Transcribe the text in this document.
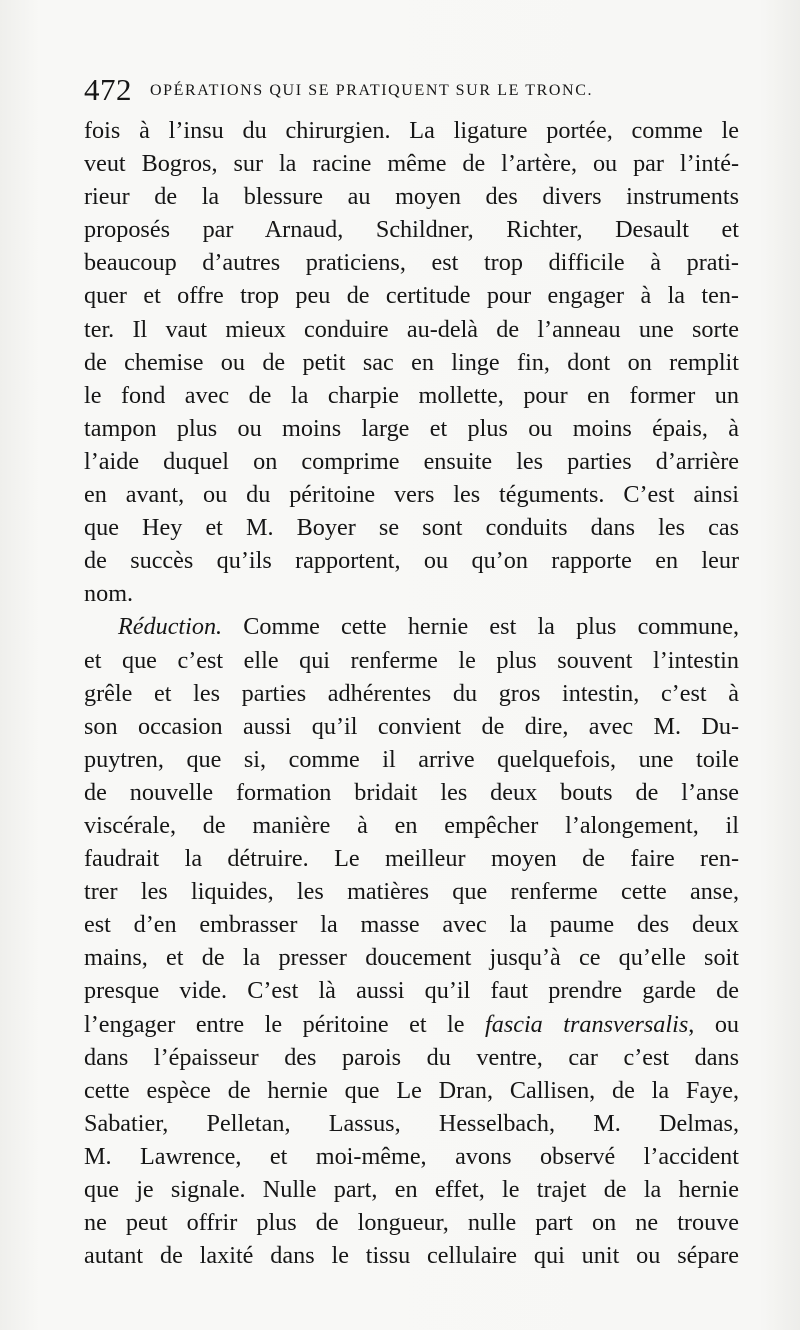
472 OPÉRATIONS QUI SE PRATIQUENT SUR LE TRONC.
fois à l’insu du chirurgien. La ligature portée, comme le
veut Bogros, sur la racine même de l’artère, ou par l’inté-
rieur de la blessure au moyen des divers instruments
proposés par Arnaud, Schildner, Richter, Desault et
beaucoup d’autres praticiens, est trop difficile à prati-
quer et offre trop peu de certitude pour engager à la ten-
ter. Il vaut mieux conduire au-delà de l’anneau une sorte
de chemise ou de petit sac en linge fin, dont on remplit
le fond avec de la charpie mollette, pour en former un
tampon plus ou moins large et plus ou moins épais, à
l’aide duquel on comprime ensuite les parties d’arrière
en avant, ou du péritoine vers les téguments. C’est ainsi
que Hey et M. Boyer se sont conduits dans les cas
de succès qu’ils rapportent, ou qu’on rapporte en leur
nom.
Réduction. Comme cette hernie est la plus commune,
et que c’est elle qui renferme le plus souvent l’intestin
grêle et les parties adhérentes du gros intestin, c’est à
son occasion aussi qu’il convient de dire, avec M. Du-
puytren, que si, comme il arrive quelquefois, une toile
de nouvelle formation bridait les deux bouts de l’anse
viscérale, de manière à en empêcher l’alongement, il
faudrait la détruire. Le meilleur moyen de faire ren-
trer les liquides, les matières que renferme cette anse,
est d’en embrasser la masse avec la paume des deux
mains, et de la presser doucement jusqu’à ce qu’elle soit
presque vide. C’est là aussi qu’il faut prendre garde de
l’engager entre le péritoine et le fascia transversalis, ou
dans l’épaisseur des parois du ventre, car c’est dans
cette espèce de hernie que Le Dran, Callisen, de la Faye,
Sabatier, Pelletan, Lassus, Hesselbach, M. Delmas,
M. Lawrence, et moi-même, avons observé l’accident
que je signale. Nulle part, en effet, le trajet de la hernie
ne peut offrir plus de longueur, nulle part on ne trouve
autant de laxité dans le tissu cellulaire qui unit ou sépare
